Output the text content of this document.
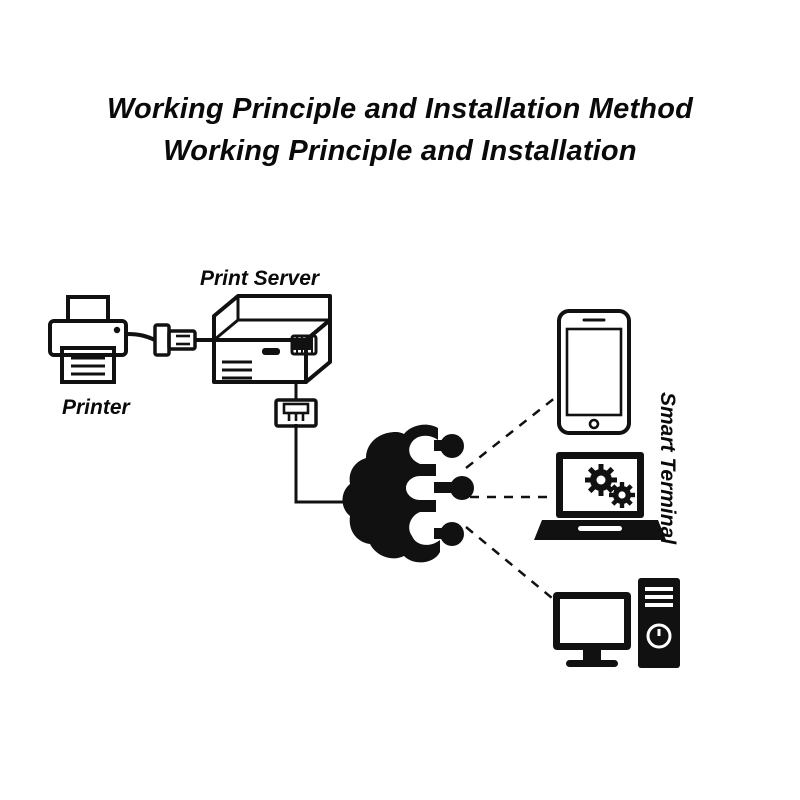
Working Principle and Installation Method
Working Principle and Installation
Printer
Print Server
Smart Terminal
